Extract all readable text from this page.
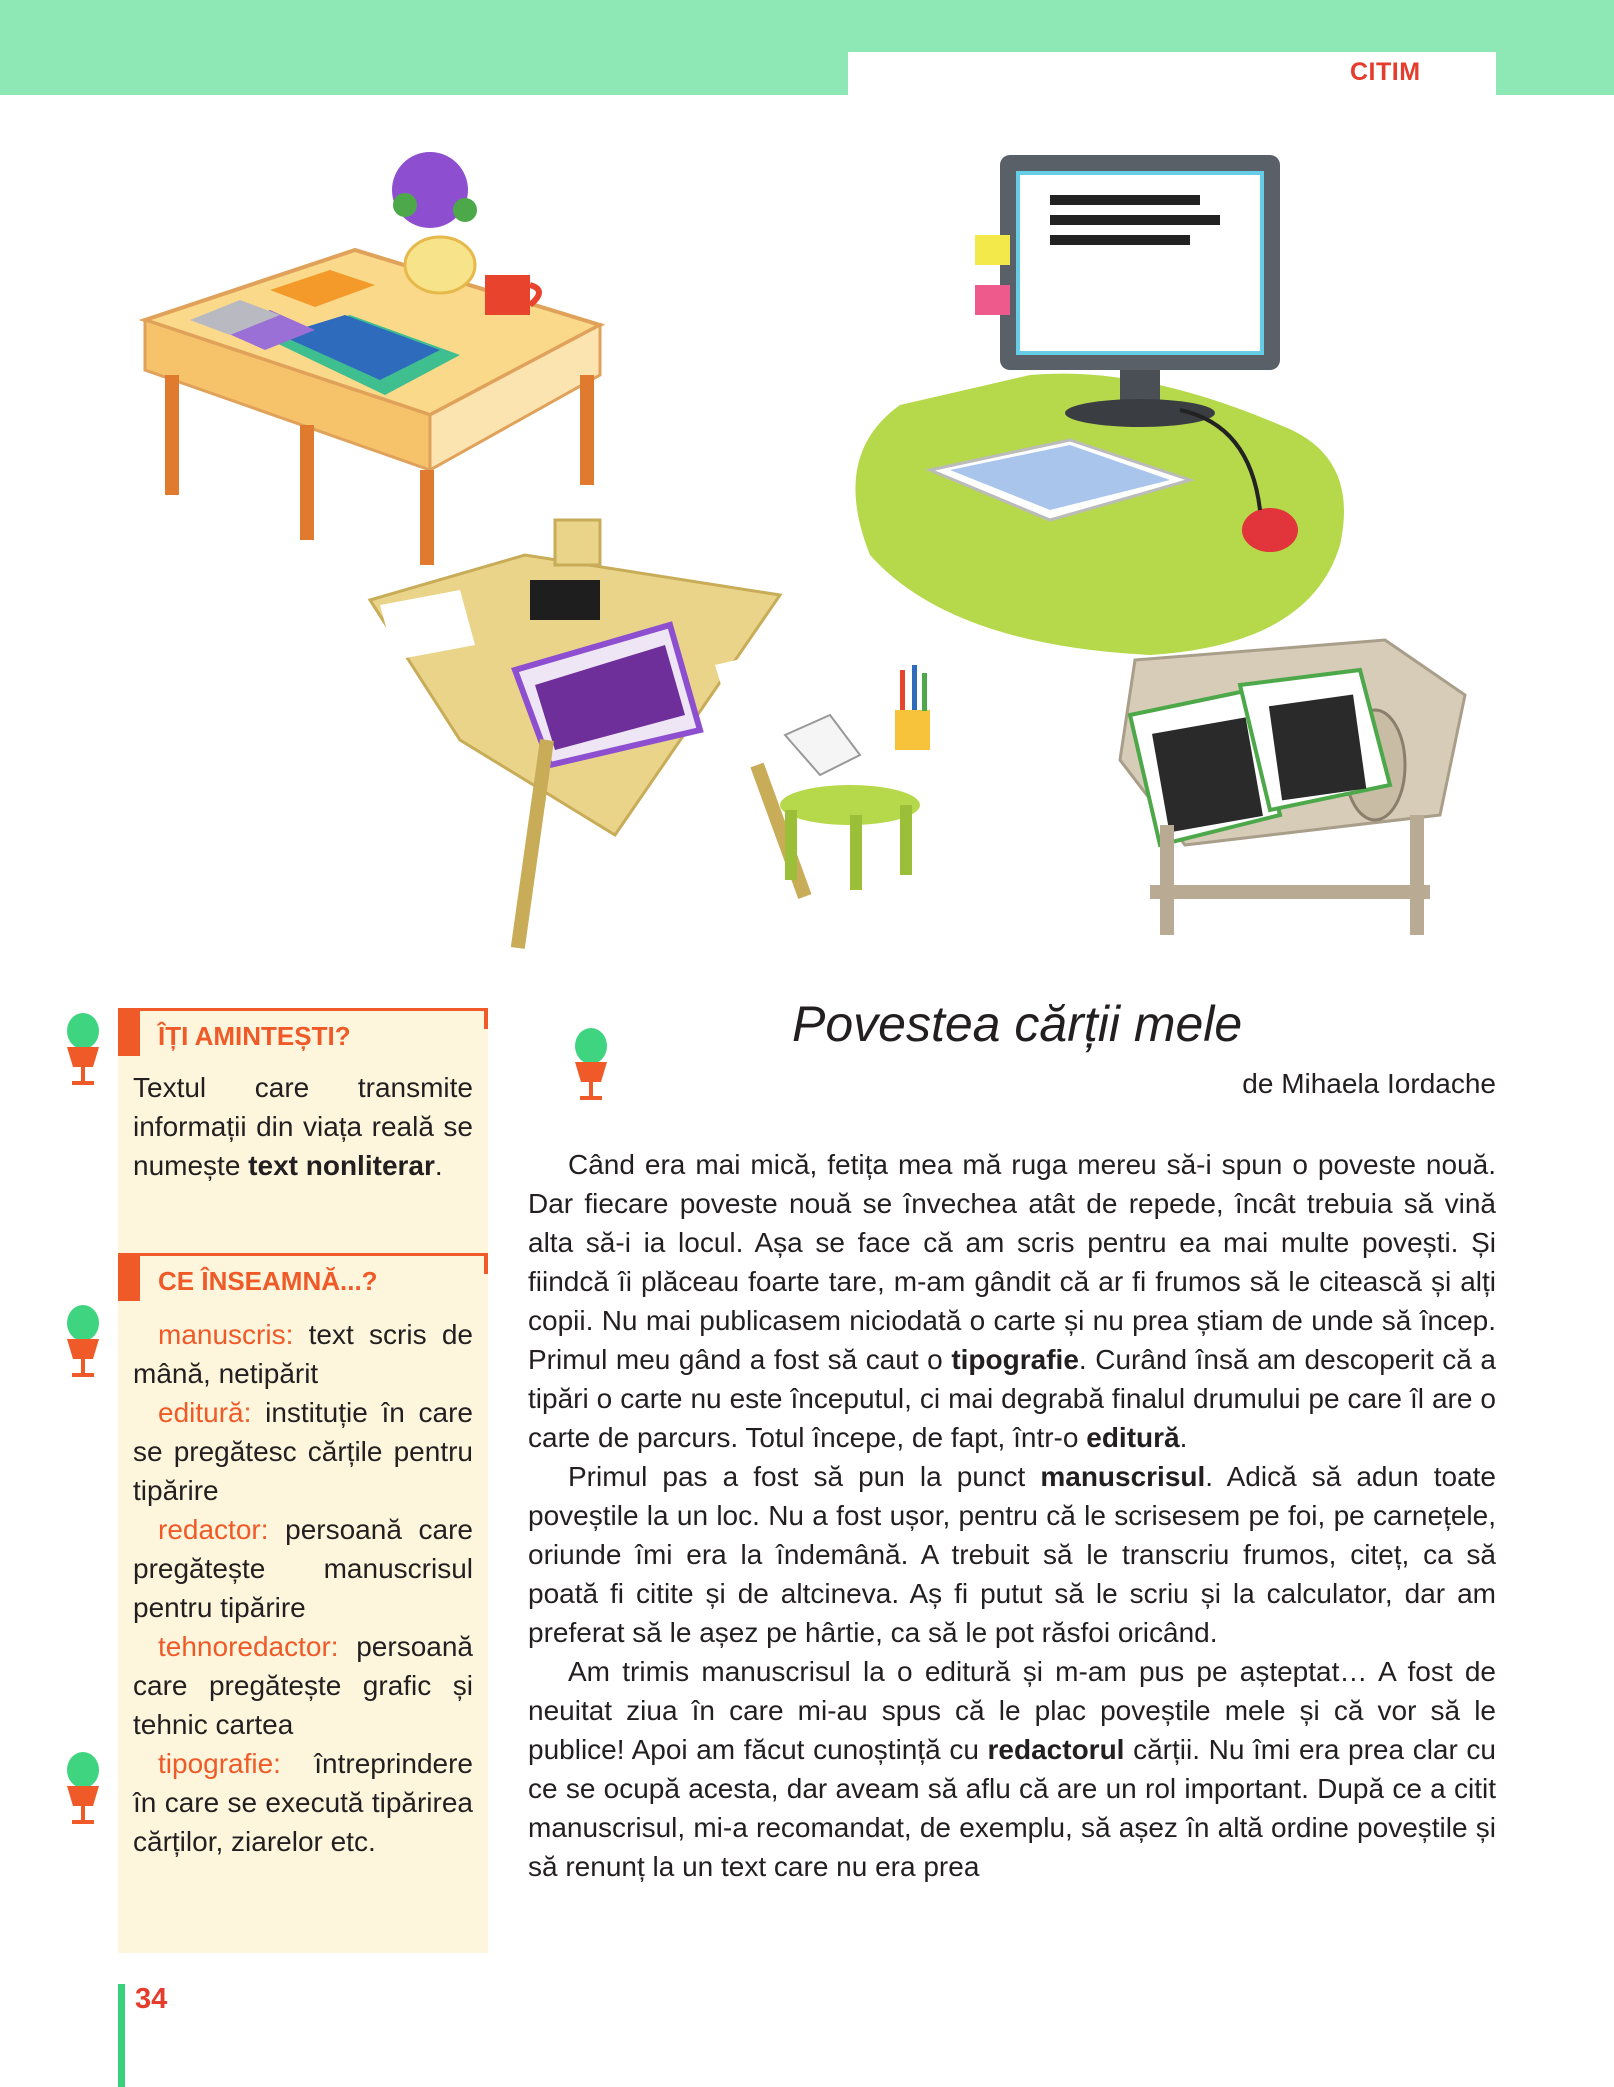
CITIM
ÎȚI AMINTEȘTI?
Textul care transmite informații din viața reală se numește text nonliterar.
CE ÎNSEAMNĂ...?

manuscris: text scris de mână, netipărit

editură: instituție în care se pregătesc cărțile pentru tipărire

redactor: persoană care pregătește manuscrisul pentru tipărire

tehnoredactor: persoană care pregătește grafic și tehnic cartea

tipografie: întreprindere în care se execută tipărirea cărților, ziarelor etc.

Povestea cărții mele
de Mihaela Iordache

Când era mai mică, fetița mea mă ruga mereu să-i spun o poveste nouă. Dar fiecare poveste nouă se învechea atât de repede, încât trebuia să vină alta să-i ia locul. Așa se face că am scris pentru ea mai multe povești. Și fiindcă îi plăceau foarte tare, m-am gândit că ar fi frumos să le citească și alți copii. Nu mai publicasem niciodată o carte și nu prea știam de unde să încep. Primul meu gând a fost să caut o tipografie. Curând însă am descoperit că a tipări o carte nu este începutul, ci mai degrabă finalul drumului pe care îl are o carte de parcurs. Totul începe, de fapt, într-o editură.

Primul pas a fost să pun la punct manuscrisul. Adică să adun toate poveștile la un loc. Nu a fost ușor, pentru că le scrisesem pe foi, pe carnețele, oriunde îmi era la îndemână. A trebuit să le transcriu frumos, citeț, ca să poată fi citite și de altcineva. Aș fi putut să le scriu și la calculator, dar am preferat să le așez pe hârtie, ca să le pot răsfoi oricând.

Am trimis manuscrisul la o editură și m-am pus pe așteptat… A fost de neuitat ziua în care mi-au spus că le plac poveștile mele și că vor să le publice! Apoi am făcut cunoștință cu redactorul cărții. Nu îmi era prea clar cu ce se ocupă acesta, dar aveam să aflu că are un rol important. După ce a citit manuscrisul, mi-a recomandat, de exemplu, să așez în altă ordine poveștile și să renunț la un text care nu era prea

34
